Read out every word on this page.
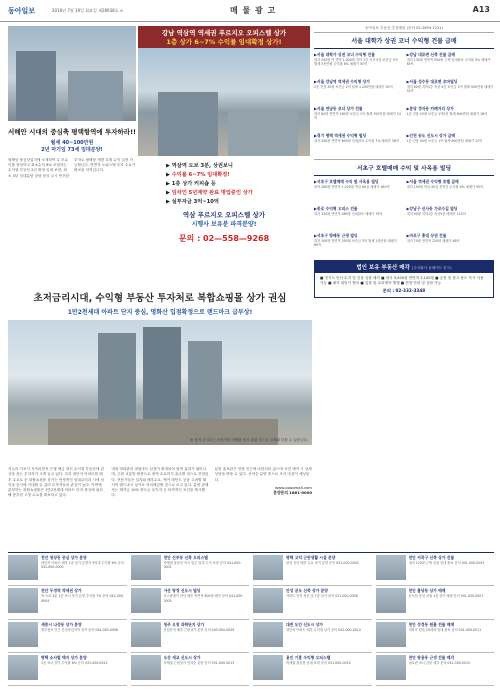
동아일보	2016년 7월 19일 화요일 제28938호 ⊙	매 물 광 고	A13
서해안 시대의 중심축 평택항역에 투자하라!!
월세 40~100만원
2년 마기임 73세 임대분양!
평택항 중심상업지에 소재하여 무 조수익률 향상하고 최소수익 8% 보장하는 수익형 부동산 2년 확정 임대 보장, 최소 3년 임대분양 상담 문의 주시 안전한 투자로 평택항 개발 호재 수익 실현 가능합니다. 연면적 오피스텔 투자 수요가 확보된 지역입니다.
강남 역삼역 역세권 푸르지오 오피스텔 상가
1층 상가 6~7% 수익률 임대확정 상가!
▶ 역삼역 도보 3분, 상권보니
▶ 수익률 6~7% 임대확정!
▶ 1층 상가 커피숍 등
▶ 임차인 5년계약 완료 명업중인 상가
▶ 실투자금 3억~10억
역삼 푸르지오 오피스텔 상가
시행사 보유분 파격분양!
문의 : 02—558—9268
동아일보 부동산 추천매물 (문의 02-2659-1211)
서울 대학가 상권 코너 수익형 건물 급매
▶서울 대학가 상권 코너 수익형 건물
대지 250평 연 면적 1,000평 지하 1층 지상 5층 보증금 3억 월세 3천만원 수익률 6% 매매가 55억
▶강남 대로변 신축 건물 급매
대지 130평 연면적 550평 근생 임대완료 수익률 5% 매매가 85억
▶서울 강남역 역세권 수익형 상가
1층 전용 30평 보증금 2억 월세 1,200만원 매매가 30억
▶서울 성수동 대로변 꼬마빌딩
대지 80평 지하1층 지상 4층 보증금 2억 월세 900만원 매매가 32억
▶서울 연남동 코너 상가 건물
대지 60평 연면적 180평 보증금 1억 월세 700만원 매매가 24억
▶분당 정자동 카페거리 상가
1층 전용 25평 보증금 1억5천 월세 800만원 매매가 18억
▶경기 평택 역세권 수익형 빌딩
대지 200평 연면적 600평 임대완료 수익률 7% 매매가 38억
▶인천 송도 신도시 상가 급매
1층 전용 40평 보증금 1억 월세 600만원 매매가 12억
서초구 호텔매매 수익 및 사옥용 빌딩
▶서초구 호텔매매 수익 및 사옥용 빌딩
대지 280평 연면적 1,200평 객실 60실 매매가 180억
▶서울 역세권 수익형 호텔 급매
대지 150평 객실 45실 운영중 수익률 6% 매매가 95억
▶종로 수익형 오피스 건물
대지 120평 연면적 480평 임대완료 매매가 75억
▶강남구 신사동 가로수길 빌딩
대지 90평 지하1층 지상5층 매매가 110억
▶서초구 방배동 근생 빌딩
대지 100평 연면적 350평 보증금 3억 월세 2천만원 매매가 60억
▶마포구 홍대 상권 건물
대지 70평 연면적 220평 매매가 48억
법인 보유 부동산 매각 (주식회사 동레이트 한국)
■ 경기도 안산 토지 및 건물 일괄 매각 ■ 대지 3,500평 연면적 2,100평 ■ 공장 및 창고 용도 즉시 사용 가능 ■ 매각 희망가 협의 ■ 입찰 및 수의계약 병행 ■ 현장 안내 및 상담 가능
문의 : 02-332-3348
초저금리시대, 수익형 부동산 투자처로 복합쇼핑몰 상가 권심
1만2천세대 아파트 단지 중심, 명화산 입점확정으로 랜드마크 급부상!
※ 상기 투시도는 소비자의 이해를 돕기 위한 것으로 실제와 다를 수 있습니다.
저금리 기조가 지속되면서 은행 예금 대신 수익형 부동산에 관심을 갖는 투자자가 크게 늘고 있다. 특히 대단지 아파트를 배후 수요로 둔 복합쇼핑몰 상가는 안정적인 임대수익과 시세 차익을 동시에 기대할 수 있어 투자자들의 관심이 높다. 이번에 분양하는 복합쇼핑몰은 1만2천세대 아파트 단지 중심에 위치해 풍부한 고정 수요를 확보하고 있다.
대형 영화관과 대형마트 입점이 확정되어 집객 효과가 뛰어나며, 주변 교통망 확충으로 광역 수요까지 흡수할 것으로 전망된다. 전문가들은 입지와 배후수요, 앵커 테넌트 등을 고려할 때 지역 랜드마크 상가로 자리매김할 것으로 보고 있다. 분양 관계자는 계약금 10% 중도금 무이자 등 파격적인 조건을 제시했다.
분양 홍보관은 현장 인근에 마련되어 있으며 사전 예약 시 상세 상담을 받을 수 있다. 선착순 분양 중으로 조기 마감이 예상된다.
www.oooomall.com
분양문의 1661-0000
천안 청당동 중심 상가 분양
대단지 아파트 배후 1층 상가 분양가 3억대 수익률 6% 문의 041-000-0000
천안 신부동 신축 오피스텔
역세권 풀옵션 즉시 입주 임대 수익 보장 문의 041-000-0001
평택 고덕 근린생활 시설 분양
삼성 산단 배후 수요 상가 분양 문의 031-000-0002
천안 서북구 신축 상가 건물
대지 120평 근생 건물 임대 완료 문의 041-000-0003
천안 두정역 역세권 상가
역 도보 3분 1층 코너 상가 분양 수익률 7% 문의 041-000-0004
아산 탕정 신도시 빌딩
디스플레이 산단 배후 연면적 600평 매각 문의 041-000-0005
안성 공도 신축 상가 분양
아파트 단지 정문 앞 1층 상가 문의 031-000-0006
천안 불당동 상가 매매
신도심 중심 상권 1층 상가 매매 문의 041-000-0007
세종시 나성동 상가 분양
정부청사 인근 중심상업지역 상가 문의 044-000-0008
청주 오창 과학단지 상가
산업단지 배후 근린상가 분양 문의 043-000-0009
대전 도안 신도시 상가
대단지 아파트 배후 수익형 상가 문의 042-000-0010
천안 성정동 원룸 건물 매매
대학가 원룸 20세대 임대 완료 문의 041-000-0011
평택 소사벌 택지 상가 분양
1층 코너 상가 수익률 6% 문의 031-000-0012
오산 세교 신도시 상가
역세권 근린상가 선착순 분양 문의 031-000-0013
용인 기흥 수익형 오피스텔
역세권 풀옵션 임대 보장 문의 031-000-0014
천안 쌍용동 근생 건물 매각
대로변 코너 건물 매각 문의 041-000-0015
